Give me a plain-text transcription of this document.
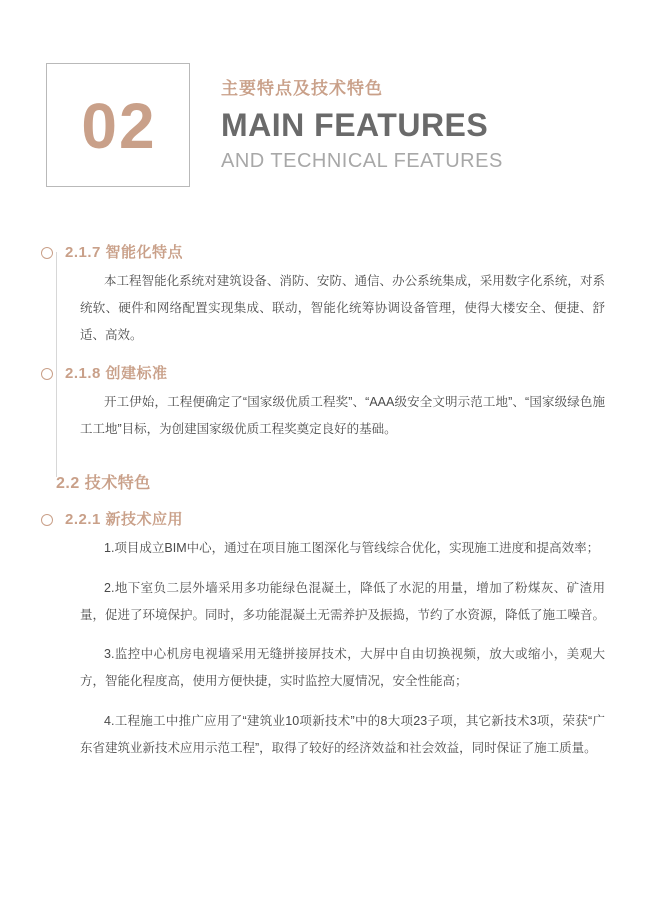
02
主要特点及技术特色
MAIN FEATURES
AND TECHNICAL FEATURES
2.1.7 智能化特点

本工程智能化系统对建筑设备、消防、安防、通信、办公系统集成，采用数字化系统，对系统软、硬件和网络配置实现集成、联动，智能化统筹协调设备管理，使得大楼安全、便捷、舒适、高效。

2.1.8 创建标准

开工伊始，工程便确定了“国家级优质工程奖”、“AAA级安全文明示范工地”、“国家级绿色施工工地”目标，为创建国家级优质工程奖奠定良好的基础。

2.2 技术特色
2.2.1 新技术应用

1.项目成立BIM中心，通过在项目施工图深化与管线综合优化，实现施工进度和提高效率；

2.地下室负二层外墙采用多功能绿色混凝土，降低了水泥的用量，增加了粉煤灰、矿渣用量，促进了环境保护。同时，多功能混凝土无需养护及振捣，节约了水资源，降低了施工噪音。

3.监控中心机房电视墙采用无缝拼接屏技术，大屏中自由切换视频，放大或缩小，美观大方，智能化程度高，使用方便快捷，实时监控大厦情况，安全性能高；

4.工程施工中推广应用了“建筑业10项新技术”中的8大项23子项，其它新技术3项，荣获“广东省建筑业新技术应用示范工程”，取得了较好的经济效益和社会效益，同时保证了施工质量。
